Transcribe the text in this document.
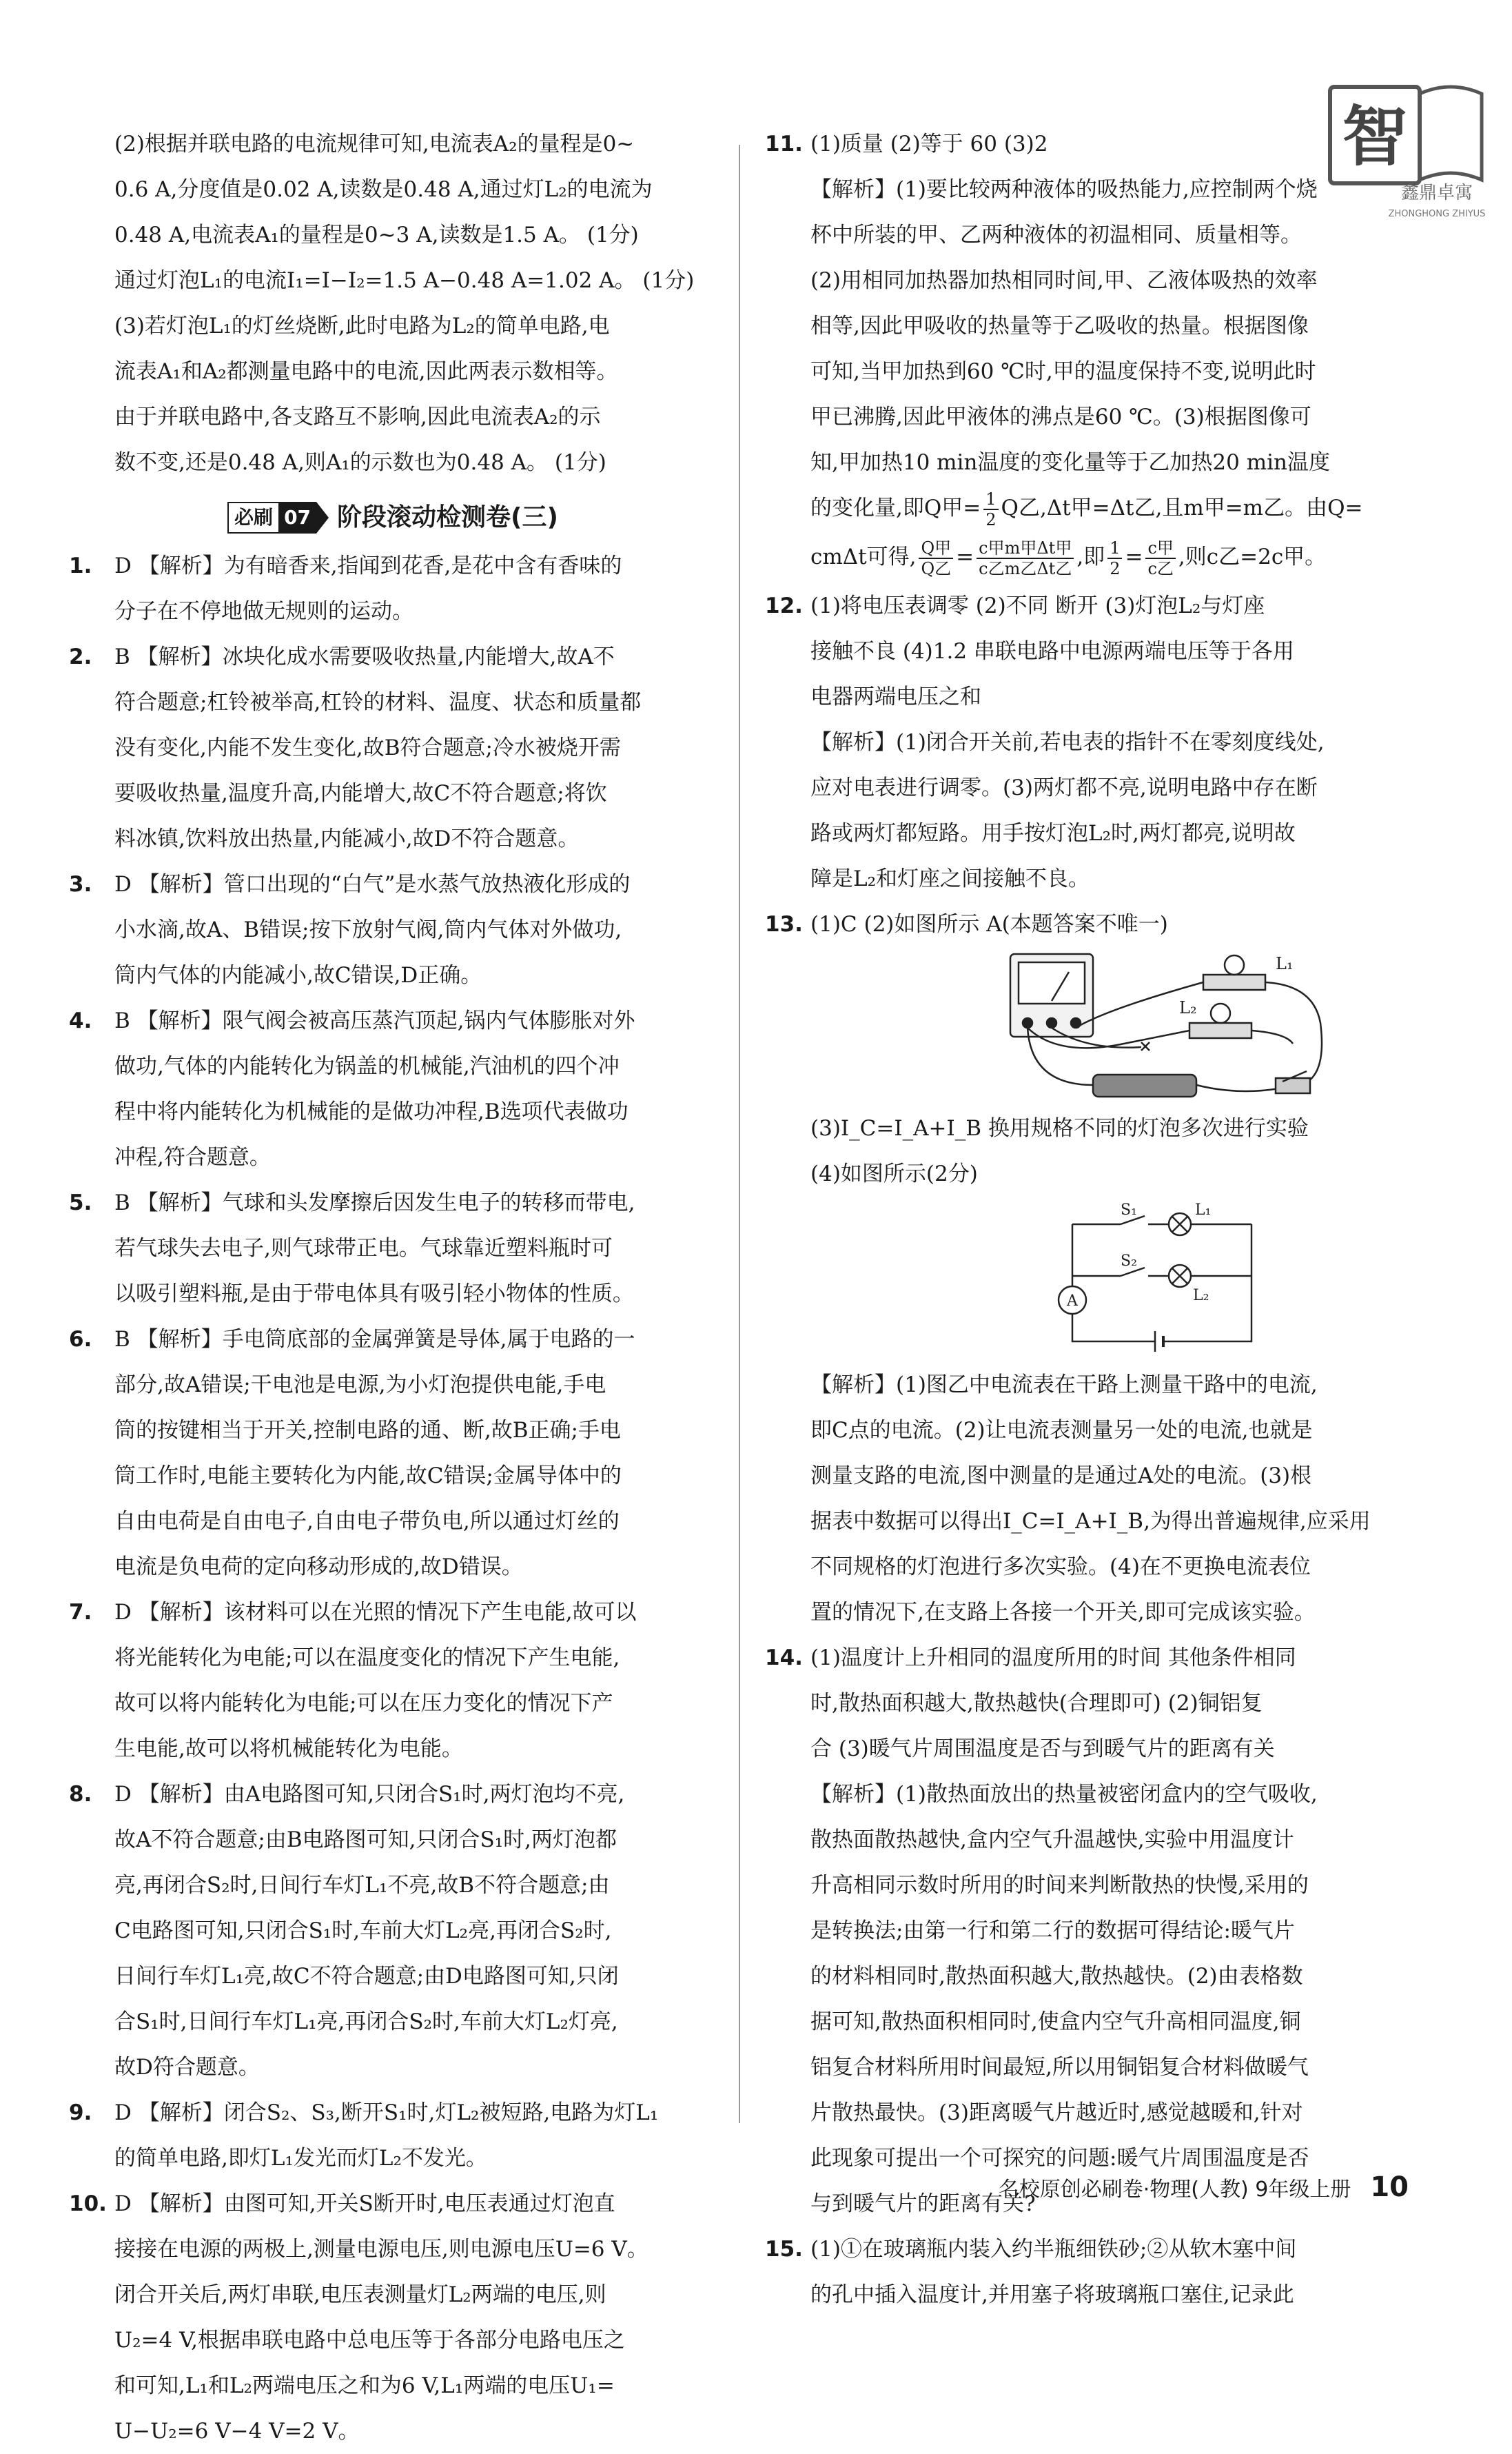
智
鑫鼎卓寓
ZHONGHONG ZHIYUS

(2)根据并联电路的电流规律可知,电流表A₂的量程是0~

0.6 A,分度值是0.02 A,读数是0.48 A,通过灯L₂的电流为

0.48 A,电流表A₁的量程是0~3 A,读数是1.5 A。 (1分)

通过灯泡L₁的电流I₁=I−I₂=1.5 A−0.48 A=1.02 A。 (1分)

(3)若灯泡L₁的灯丝烧断,此时电路为L₂的简单电路,电

流表A₁和A₂都测量电路中的电流,因此两表示数相等。

由于并联电路中,各支路互不影响,因此电流表A₂的示

数不变,还是0.48 A,则A₁的示数也为0.48 A。 (1分)

必刷 07 阶段滚动检测卷(三)
1. D 【解析】为有暗香来,指闻到花香,是花中含有香味的

分子在不停地做无规则的运动。

2. B 【解析】冰块化成水需要吸收热量,内能增大,故A不

符合题意;杠铃被举高,杠铃的材料、温度、状态和质量都

没有变化,内能不发生变化,故B符合题意;冷水被烧开需

要吸收热量,温度升高,内能增大,故C不符合题意;将饮

料冰镇,饮料放出热量,内能减小,故D不符合题意。

3. D 【解析】管口出现的“白气”是水蒸气放热液化形成的

小水滴,故A、B错误;按下放射气阀,筒内气体对外做功,

筒内气体的内能减小,故C错误,D正确。

4. B 【解析】限气阀会被高压蒸汽顶起,锅内气体膨胀对外

做功,气体的内能转化为锅盖的机械能,汽油机的四个冲

程中将内能转化为机械能的是做功冲程,B选项代表做功

冲程,符合题意。

5. B 【解析】气球和头发摩擦后因发生电子的转移而带电,

若气球失去电子,则气球带正电。气球靠近塑料瓶时可

以吸引塑料瓶,是由于带电体具有吸引轻小物体的性质。

6. B 【解析】手电筒底部的金属弹簧是导体,属于电路的一

部分,故A错误;干电池是电源,为小灯泡提供电能,手电

筒的按键相当于开关,控制电路的通、断,故B正确;手电

筒工作时,电能主要转化为内能,故C错误;金属导体中的

自由电荷是自由电子,自由电子带负电,所以通过灯丝的

电流是负电荷的定向移动形成的,故D错误。

7. D 【解析】该材料可以在光照的情况下产生电能,故可以

将光能转化为电能;可以在温度变化的情况下产生电能,

故可以将内能转化为电能;可以在压力变化的情况下产

生电能,故可以将机械能转化为电能。

8. D 【解析】由A电路图可知,只闭合S₁时,两灯泡均不亮,

故A不符合题意;由B电路图可知,只闭合S₁时,两灯泡都

亮,再闭合S₂时,日间行车灯L₁不亮,故B不符合题意;由

C电路图可知,只闭合S₁时,车前大灯L₂亮,再闭合S₂时,

日间行车灯L₁亮,故C不符合题意;由D电路图可知,只闭

合S₁时,日间行车灯L₁亮,再闭合S₂时,车前大灯L₂灯亮,

故D符合题意。

9. D 【解析】闭合S₂、S₃,断开S₁时,灯L₂被短路,电路为灯L₁

的简单电路,即灯L₁发光而灯L₂不发光。

10. D 【解析】由图可知,开关S断开时,电压表通过灯泡直

接接在电源的两极上,测量电源电压,则电源电压U=6 V。

闭合开关后,两灯串联,电压表测量灯L₂两端的电压,则

U₂=4 V,根据串联电路中总电压等于各部分电路电压之

和可知,L₁和L₂两端电压之和为6 V,L₁两端的电压U₁=

U−U₂=6 V−4 V=2 V。

11. (1)质量 (2)等于 60 (3)2

【解析】(1)要比较两种液体的吸热能力,应控制两个烧

杯中所装的甲、乙两种液体的初温相同、质量相等。

(2)用相同加热器加热相同时间,甲、乙液体吸热的效率

相等,因此甲吸收的热量等于乙吸收的热量。根据图像

可知,当甲加热到60 ℃时,甲的温度保持不变,说明此时

甲已沸腾,因此甲液体的沸点是60 ℃。(3)根据图像可

知,甲加热10 min温度的变化量等于乙加热20 min温度

的变化量,即Q甲= $\frac{1}{2}$ Q乙,Δt甲=Δt乙,且m甲=m乙。由Q=

cmΔt可得, $\frac{\text{Q甲}}{\text{Q乙}} = \frac{\text{c甲m甲Δt甲}}{\text{c乙m乙Δt乙}}$ ,即 $\frac{1}{2} = \frac{\text{c甲}}{\text{c乙}}$ ,则c乙=2c甲。

12. (1)将电压表调零 (2)不同 断开 (3)灯泡L₂与灯座

接触不良 (4)1.2 串联电路中电源两端电压等于各用

电器两端电压之和

【解析】(1)闭合开关前,若电表的指针不在零刻度线处,

应对电表进行调零。(3)两灯都不亮,说明电路中存在断

路或两灯都短路。用手按灯泡L₂时,两灯都亮,说明故

障是L₂和灯座之间接触不良。

13. (1)C (2)如图所示 A(本题答案不唯一)

L₁
L₂

(3)I_C=I_A+I_B 换用规格不同的灯泡多次进行实验

(4)如图所示(2分)

A
S₁	L₁
S₂
L₂

【解析】(1)图乙中电流表在干路上测量干路中的电流,

即C点的电流。(2)让电流表测量另一处的电流,也就是

测量支路的电流,图中测量的是通过A处的电流。(3)根

据表中数据可以得出I_C=I_A+I_B,为得出普遍规律,应采用

不同规格的灯泡进行多次实验。(4)在不更换电流表位

置的情况下,在支路上各接一个开关,即可完成该实验。

14. (1)温度计上升相同的温度所用的时间 其他条件相同

时,散热面积越大,散热越快(合理即可) (2)铜铝复

合 (3)暖气片周围温度是否与到暖气片的距离有关

【解析】(1)散热面放出的热量被密闭盒内的空气吸收,

散热面散热越快,盒内空气升温越快,实验中用温度计

升高相同示数时所用的时间来判断散热的快慢,采用的

是转换法;由第一行和第二行的数据可得结论:暖气片

的材料相同时,散热面积越大,散热越快。(2)由表格数

据可知,散热面积相同时,使盒内空气升高相同温度,铜

铝复合材料所用时间最短,所以用铜铝复合材料做暖气

片散热最快。(3)距离暖气片越近时,感觉越暖和,针对

此现象可提出一个可探究的问题:暖气片周围温度是否

与到暖气片的距离有关?

15. (1)①在玻璃瓶内装入约半瓶细铁砂;②从软木塞中间

的孔中插入温度计,并用塞子将玻璃瓶口塞住,记录此

名校原创必刷卷·物理(人教) 9年级上册 10
